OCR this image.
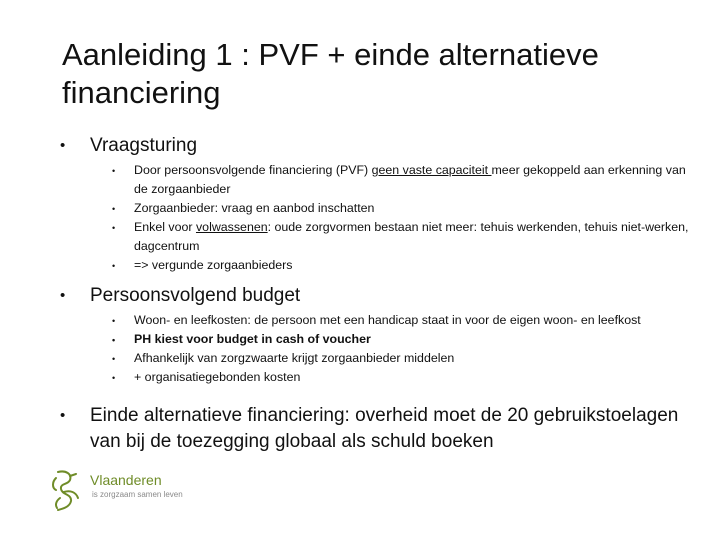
Aanleiding 1 : PVF + einde alternatieve financiering
• Vraagsturing
• Door persoonsvolgende financiering (PVF) geen vaste capaciteit meer gekoppeld aan erkenning van de zorgaanbieder
• Zorgaanbieder: vraag en aanbod inschatten
• Enkel voor volwassenen: oude zorgvormen bestaan niet meer: tehuis werkenden, tehuis niet-werken, dagcentrum
• => vergunde zorgaanbieders
• Persoonsvolgend budget
• Woon- en leefkosten: de persoon met een handicap staat in voor de eigen woon- en leefkost
• PH kiest voor budget in cash of voucher
• Afhankelijk van zorgzwaarte krijgt zorgaanbieder middelen
• + organisatiegebonden kosten
• Einde alternatieve financiering: overheid moet de 20 gebruikstoelagen van bij de toezegging globaal als schuld boeken
Vlaanderen
is zorgzaam samen leven
